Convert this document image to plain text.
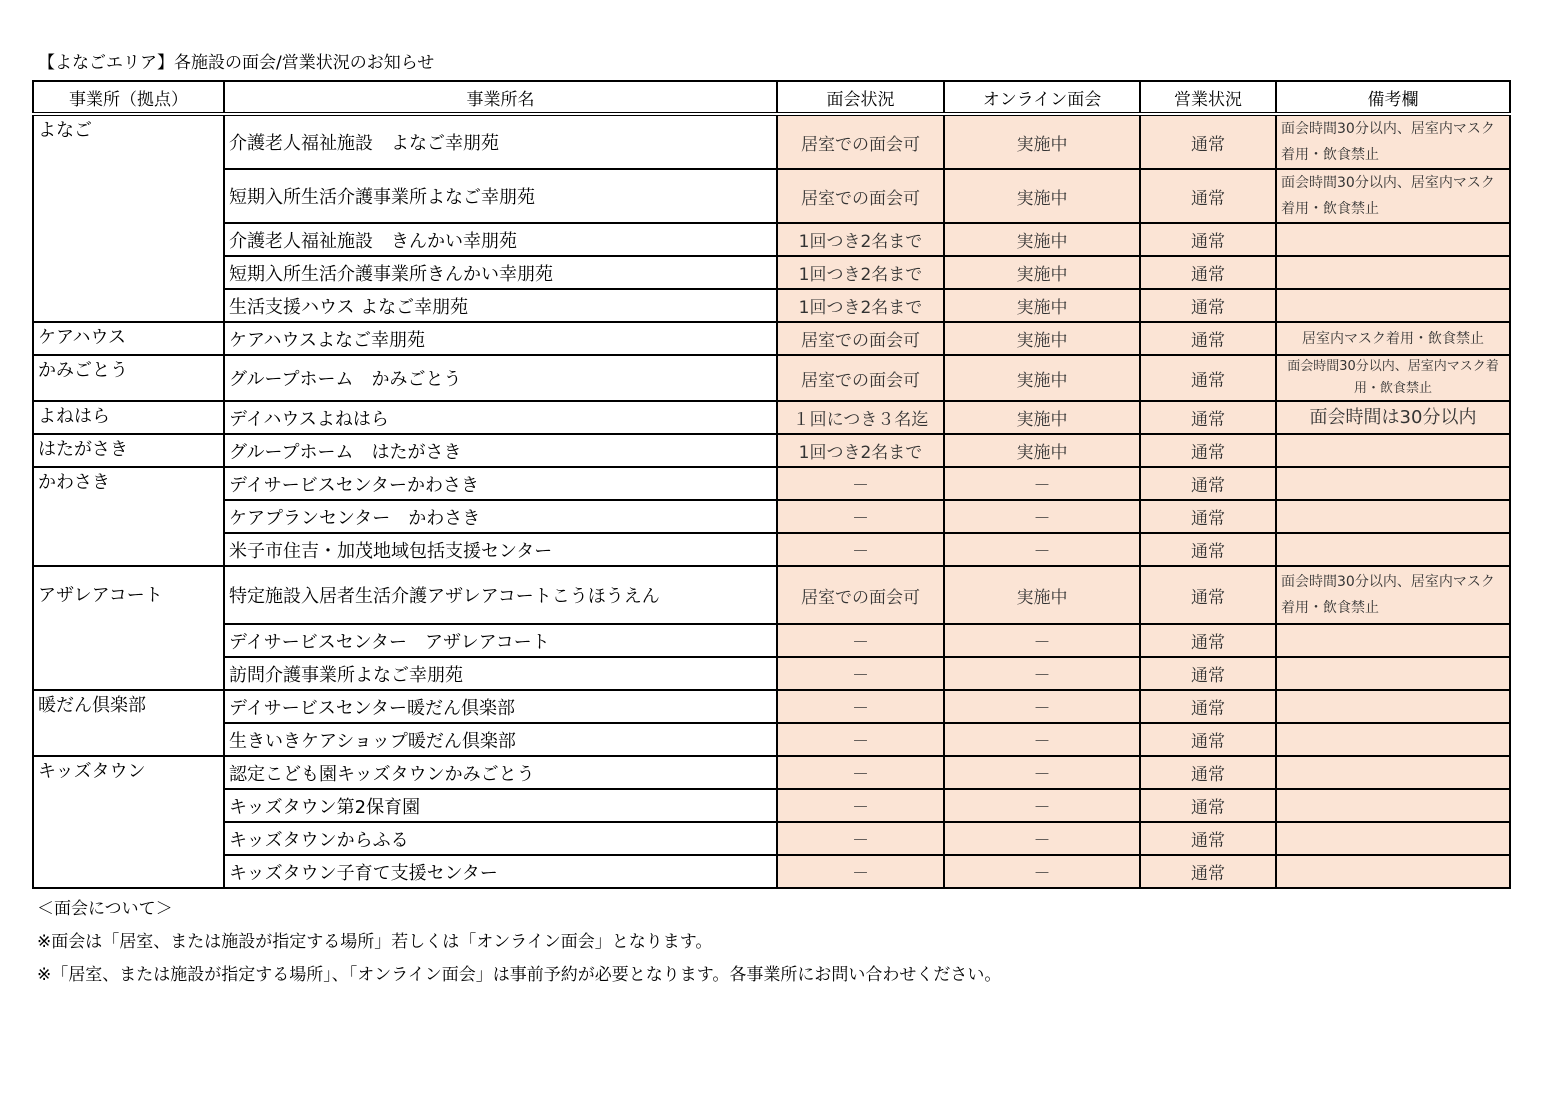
【よなごエリア】各施設の面会/営業状況のお知らせ
事業所（拠点）	事業所名	面会状況	オンライン面会	営業状況	備考欄
よなご	介護老人福祉施設　よなご幸朋苑	居室での面会可	実施中	通常	面会時間30分以内、居室内マスク着用・飲食禁止
	短期入所生活介護事業所よなご幸朋苑	居室での面会可	実施中	通常	面会時間30分以内、居室内マスク着用・飲食禁止
	介護老人福祉施設　きんかい幸朋苑	1回つき2名まで	実施中	通常	
	短期入所生活介護事業所きんかい幸朋苑	1回つき2名まで	実施中	通常	
	生活支援ハウス よなご幸朋苑	1回つき2名まで	実施中	通常	
ケアハウス	ケアハウスよなご幸朋苑	居室での面会可	実施中	通常	居室内マスク着用・飲食禁止
かみごとう	グループホーム　かみごとう	居室での面会可	実施中	通常	面会時間30分以内、居室内マスク着用・飲食禁止
よねはら	デイハウスよねはら	１回につき３名迄	実施中	通常	面会時間は30分以内
はたがさき	グループホーム　はたがさき	1回つき2名まで	実施中	通常	
かわさき	デイサービスセンターかわさき	－	－	通常	
	ケアプランセンター　かわさき	－	－	通常	
	米子市住吉・加茂地域包括支援センター	－	－	通常	
アザレアコート	特定施設入居者生活介護アザレアコートこうほうえん	居室での面会可	実施中	通常	面会時間30分以内、居室内マスク着用・飲食禁止
	デイサービスセンター　アザレアコート	－	－	通常	
	訪問介護事業所よなご幸朋苑	－	－	通常	
暖だん倶楽部	デイサービスセンター暖だん倶楽部	－	－	通常	
	生きいきケアショップ暖だん倶楽部	－	－	通常	
キッズタウン	認定こども園キッズタウンかみごとう	－	－	通常	
	キッズタウン第2保育園	－	－	通常	
	キッズタウンからふる	－	－	通常	
	キッズタウン子育て支援センター	－	－	通常	
＜面会について＞
※面会は「居室、または施設が指定する場所」若しくは「オンライン面会」となります。
※「居室、または施設が指定する場所」、「オンライン面会」は事前予約が必要となります。各事業所にお問い合わせください。
